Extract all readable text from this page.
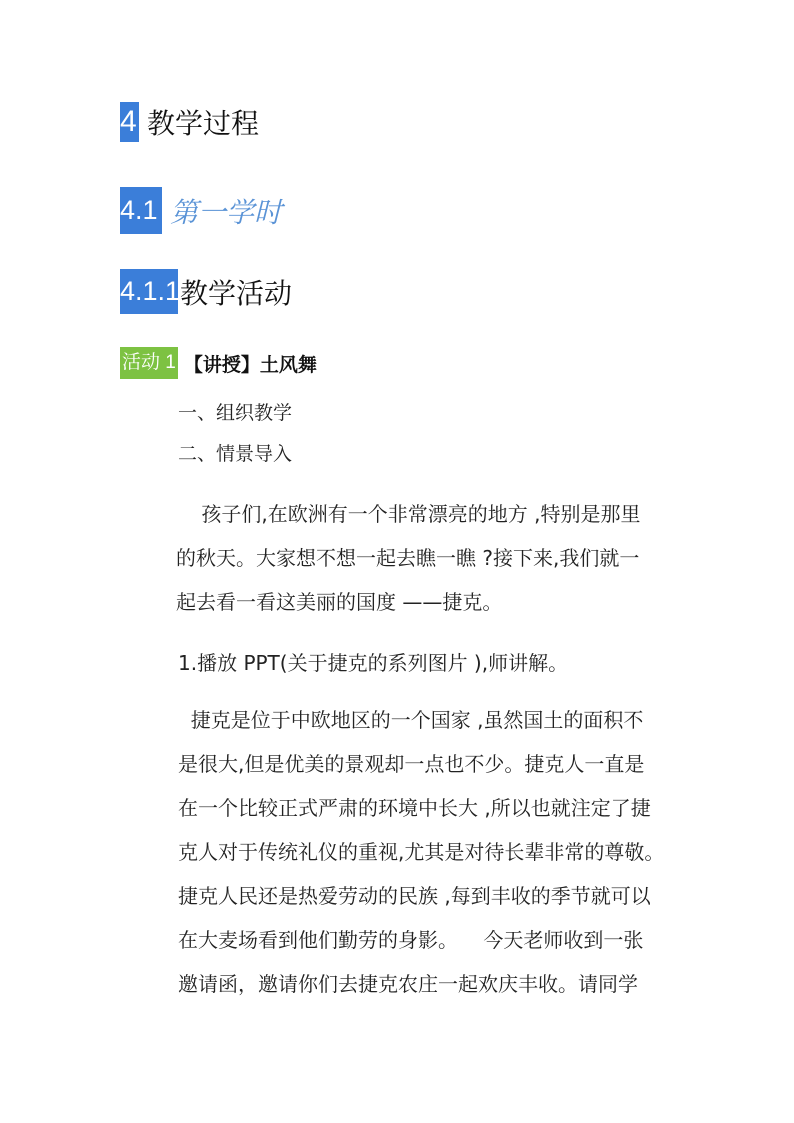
4 教学过程
4.1 第一学时
4.1.1 教学活动
活动 1 【讲授】土风舞
一、组织教学
二、情景导入
孩子们,在欧洲有一个非常漂亮的地方 ,特别是那里
的秋天。大家想不想一起去瞧一瞧 ?接下来,我们就一
起去看一看这美丽的国度 ——捷克。
1.播放 PPT(关于捷克的系列图片 ),师讲解。
捷克是位于中欧地区的一个国家 ,虽然国土的面积不
是很大,但是优美的景观却一点也不少。捷克人一直是
在一个比较正式严肃的环境中长大 ,所以也就注定了捷
克人对于传统礼仪的重视,尤其是对待长辈非常的尊敬。
捷克人民还是热爱劳动的民族 ,每到丰收的季节就可以
在大麦场看到他们勤劳的身影。    今天老师收到一张
邀请函，邀请你们去捷克农庄一起欢庆丰收。请同学
